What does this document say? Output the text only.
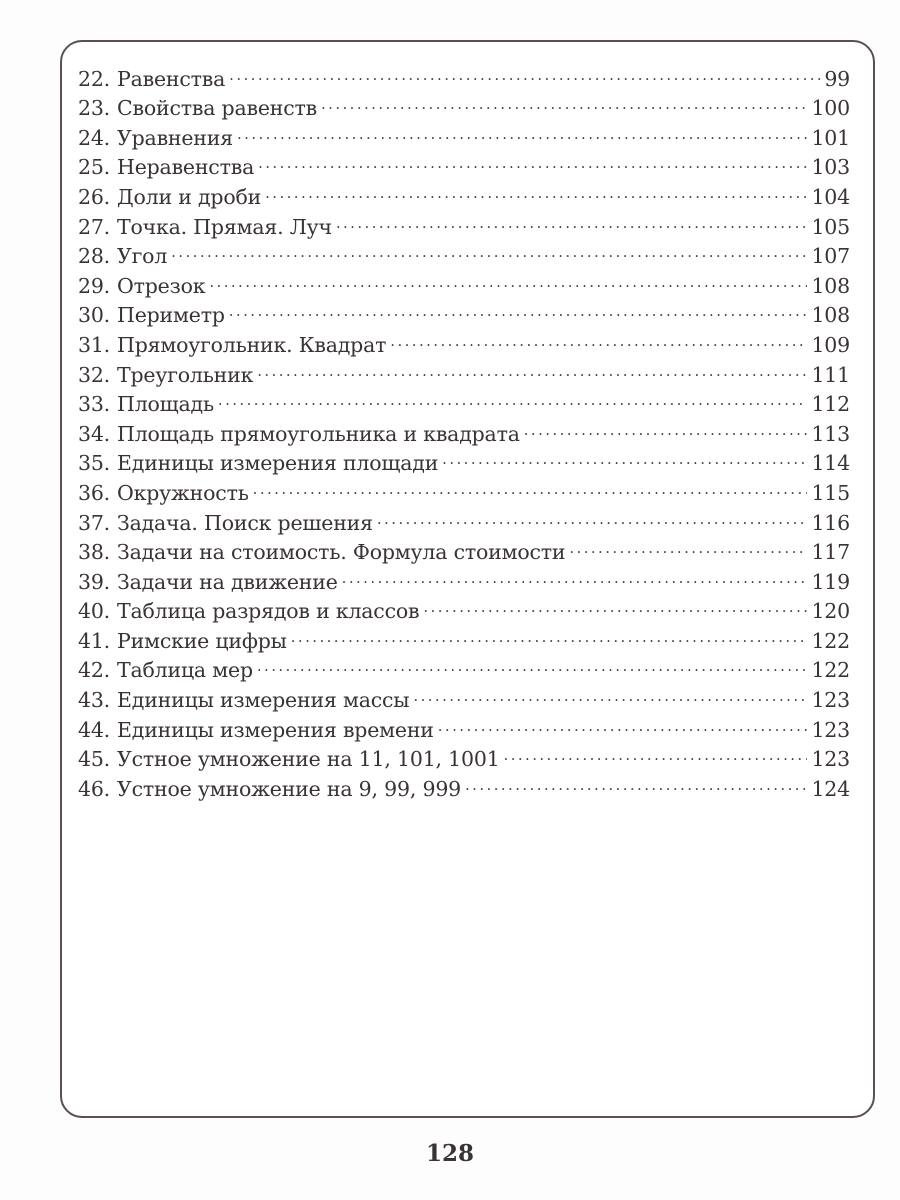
22. Равенства .....	99
23. Свойства равенств .....	100
24. Уравнения .....	101
25. Неравенства .....	103
26. Доли и дроби .....	104
27. Точка. Прямая. Луч .....	105
28. Угол .....	107
29. Отрезок .....	108
30. Периметр .....	108
31. Прямоугольник. Квадрат .....	109
32. Треугольник .....	111
33. Площадь .....	112
34. Площадь прямоугольника и квадрата .....	113
35. Единицы измерения площади .....	114
36. Окружность .....	115
37. Задача. Поиск решения .....	116
38. Задачи на стоимость. Формула стоимости .....	117
39. Задачи на движение .....	119
40. Таблица разрядов и классов .....	120
41. Римские цифры .....	122
42. Таблица мер .....	122
43. Единицы измерения массы .....	123
44. Единицы измерения времени .....	123
45. Устное умножение на 11, 101, 1001 .....	123
46. Устное умножение на 9, 99, 999 .....	124
128
